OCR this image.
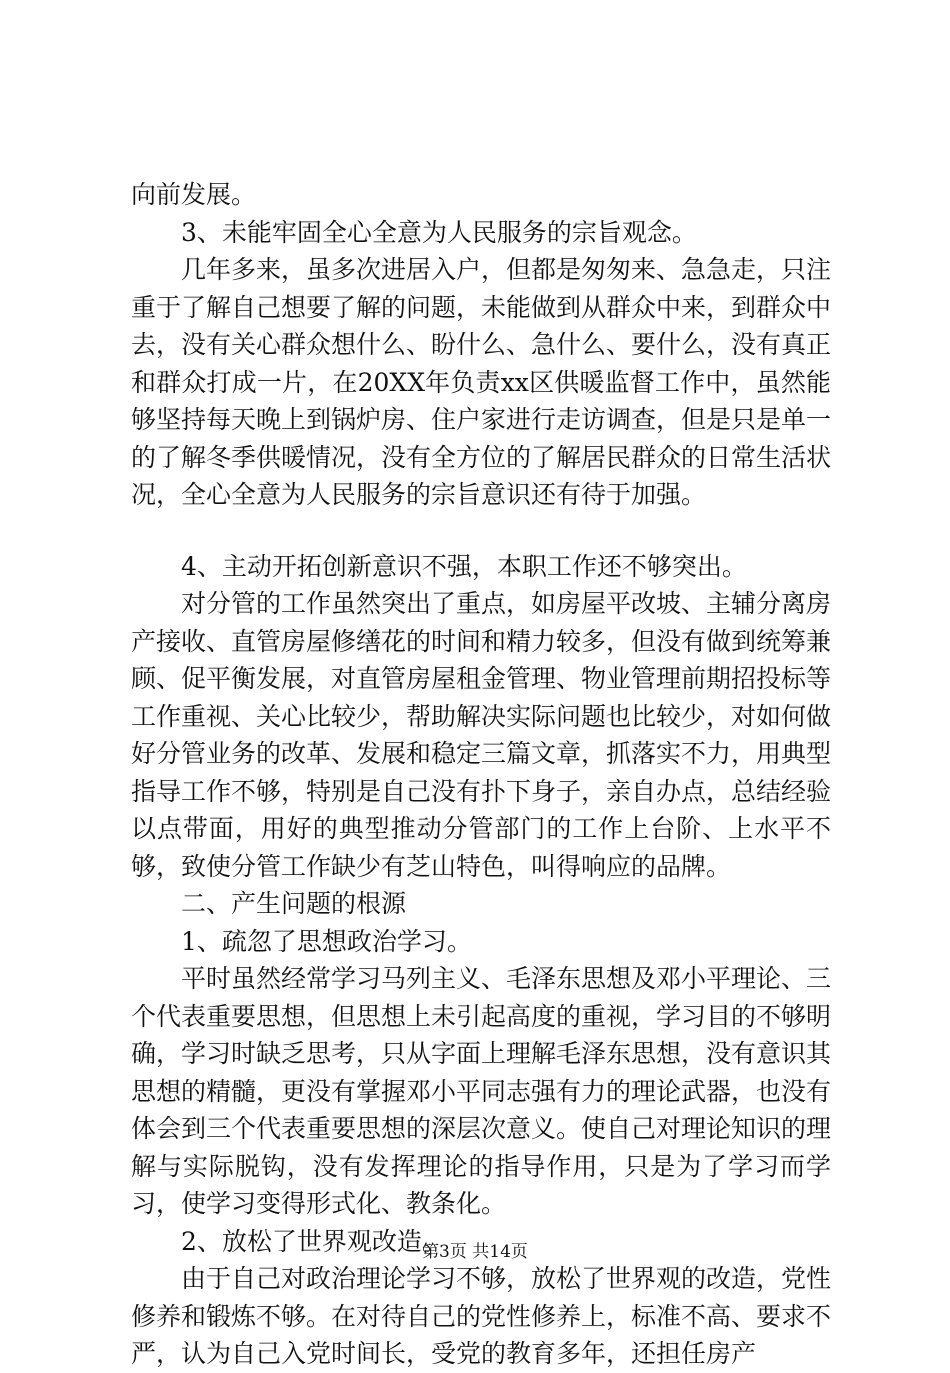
向前发展。

3、未能牢固全心全意为人民服务的宗旨观念。

几年多来，虽多次进居入户，但都是匆匆来、急急走，只注重于了解自己想要了解的问题，未能做到从群众中来，到群众中去，没有关心群众想什么、盼什么、急什么、要什么，没有真正和群众打成一片，在20XX年负责xx区供暖监督工作中，虽然能够坚持每天晚上到锅炉房、住户家进行走访调查，但是只是单一的了解冬季供暖情况，没有全方位的了解居民群众的日常生活状况，全心全意为人民服务的宗旨意识还有待于加强。

4、主动开拓创新意识不强，本职工作还不够突出。

对分管的工作虽然突出了重点，如房屋平改坡、主辅分离房产接收、直管房屋修缮花的时间和精力较多，但没有做到统筹兼顾、促平衡发展，对直管房屋租金管理、物业管理前期招投标等工作重视、关心比较少，帮助解决实际问题也比较少，对如何做好分管业务的改革、发展和稳定三篇文章，抓落实不力，用典型指导工作不够，特别是自己没有扑下身子，亲自办点，总结经验以点带面，用好的典型推动分管部门的工作上台阶、上水平不够，致使分管工作缺少有芝山特色，叫得响应的品牌。

二、产生问题的根源

1、疏忽了思想政治学习。

平时虽然经常学习马列主义、毛泽东思想及邓小平理论、三个代表重要思想，但思想上未引起高度的重视，学习目的不够明确，学习时缺乏思考，只从字面上理解毛泽东思想，没有意识其思想的精髓，更没有掌握邓小平同志强有力的理论武器，也没有体会到三个代表重要思想的深层次意义。使自己对理论知识的理解与实际脱钩，没有发挥理论的指导作用，只是为了学习而学习，使学习变得形式化、教条化。

2、放松了世界观改造。

由于自己对政治理论学习不够，放松了世界观的改造，党性修养和锻炼不够。在对待自己的党性修养上，标准不高、要求不严，认为自己入党时间长，受党的教育多年，还担任房产

第3页 共14页
